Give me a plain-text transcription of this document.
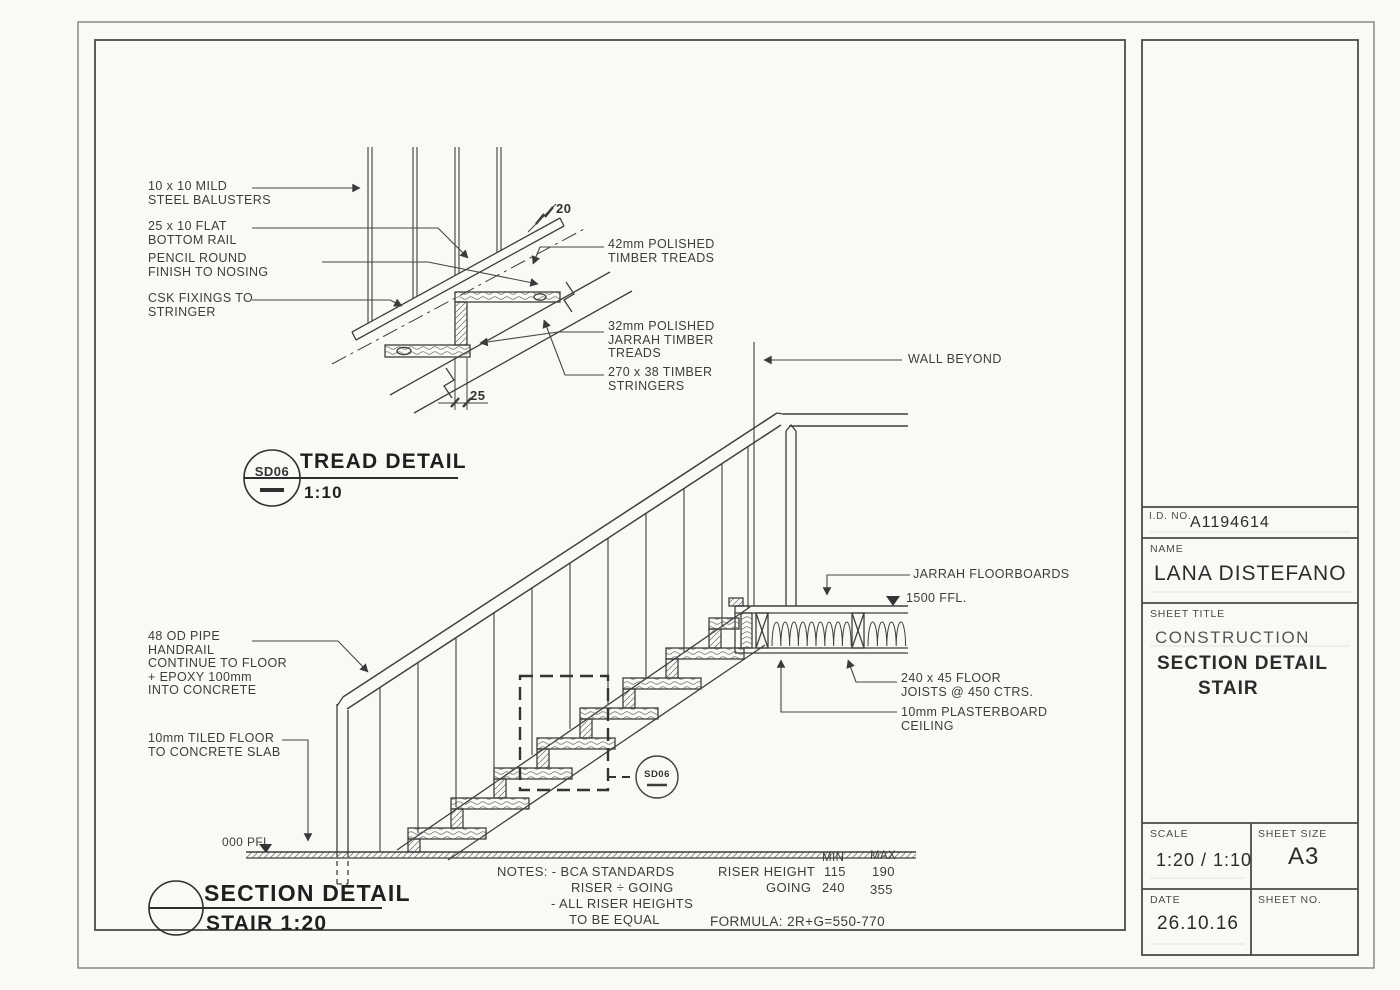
10 x 10 MILD
STEEL BALUSTERS
25 x 10 FLAT
BOTTOM RAIL
PENCIL ROUND
FINISH TO NOSING
CSK FIXINGS TO
STRINGER
42mm POLISHED
TIMBER TREADS
32mm POLISHED
JARRAH TIMBER
TREADS
270 x 38 TIMBER
STRINGERS
20
25
SD06 TREAD DETAIL
1:10
WALL BEYOND
48 OD PIPE
HANDRAIL
CONTINUE TO FLOOR
+ EPOXY 100mm
INTO CONCRETE
10mm TILED FLOOR
TO CONCRETE SLAB
000 PFL
JARRAH FLOORBOARDS
1500 FFL.
240 x 45 FLOOR
JOISTS @ 450 CTRS.
10mm PLASTERBOARD
CEILING
SD06
SECTION DETAIL
STAIR 1:20
NOTES: - BCA STANDARDS
RISER ÷ GOING
- ALL RISER HEIGHTS
TO BE EQUAL
MIN MAX
RISER HEIGHT 115 190
GOING 240 355
FORMULA: 2R+G=550-770
I.D. NO.
A1194614
NAME
LANA DISTEFANO
SHEET TITLE
CONSTRUCTION
SECTION DETAIL
STAIR
SCALE
1:20 / 1:10
SHEET SIZE
A3
DATE
26.10.16
SHEET NO.
